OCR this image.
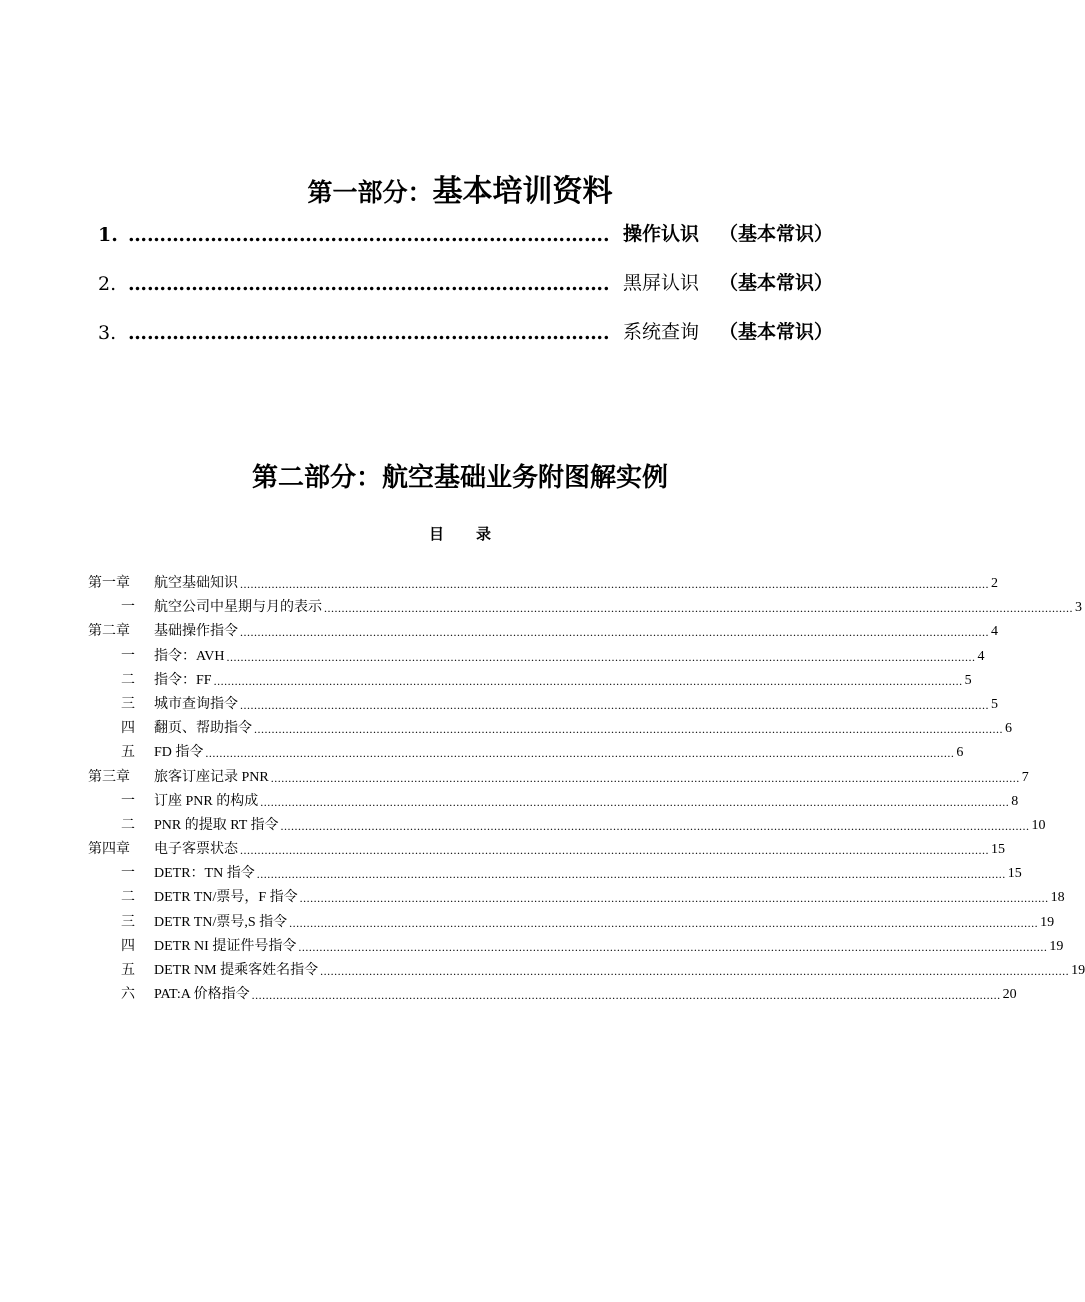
第一部分：基本培训资料
1. …………………………………………………………………. 操作认识	（基本常识）
2. …………………………………………………………………. 黑屏认识	（基本常识）
3. …………………………………………………………………. 系统查询	（基本常识）
第二部分：航空基础业务附图解实例
目录
第一章	航空基础知识 ...................................................................................................................................................................................................................... 2
一	航空公司中星期与月的表示 ...................................................................................................................................................................................................................... 3
第二章	基础操作指令 ...................................................................................................................................................................................................................... 4
一	指令：AVH ...................................................................................................................................................................................................................... 4
二	指令：FF ...................................................................................................................................................................................................................... 5
三	城市查询指令 ...................................................................................................................................................................................................................... 5
四	翻页、帮助指令 ...................................................................................................................................................................................................................... 6
五	FD 指令 ...................................................................................................................................................................................................................... 6
第三章	旅客订座记录 PNR ...................................................................................................................................................................................................................... 7
一	订座 PNR 的构成 ...................................................................................................................................................................................................................... 8
二	PNR 的提取 RT 指令 ...................................................................................................................................................................................................................... 10
第四章	电子客票状态 ...................................................................................................................................................................................................................... 15
一	DETR：TN 指令 ...................................................................................................................................................................................................................... 15
二	DETR TN/票号，F 指令 ...................................................................................................................................................................................................................... 18
三	DETR TN/票号,S 指令 ...................................................................................................................................................................................................................... 19
四	DETR NI 提证件号指令 ...................................................................................................................................................................................................................... 19
五	DETR NM 提乘客姓名指令 ...................................................................................................................................................................................................................... 19
六	PAT:A 价格指令 ...................................................................................................................................................................................................................... 20
